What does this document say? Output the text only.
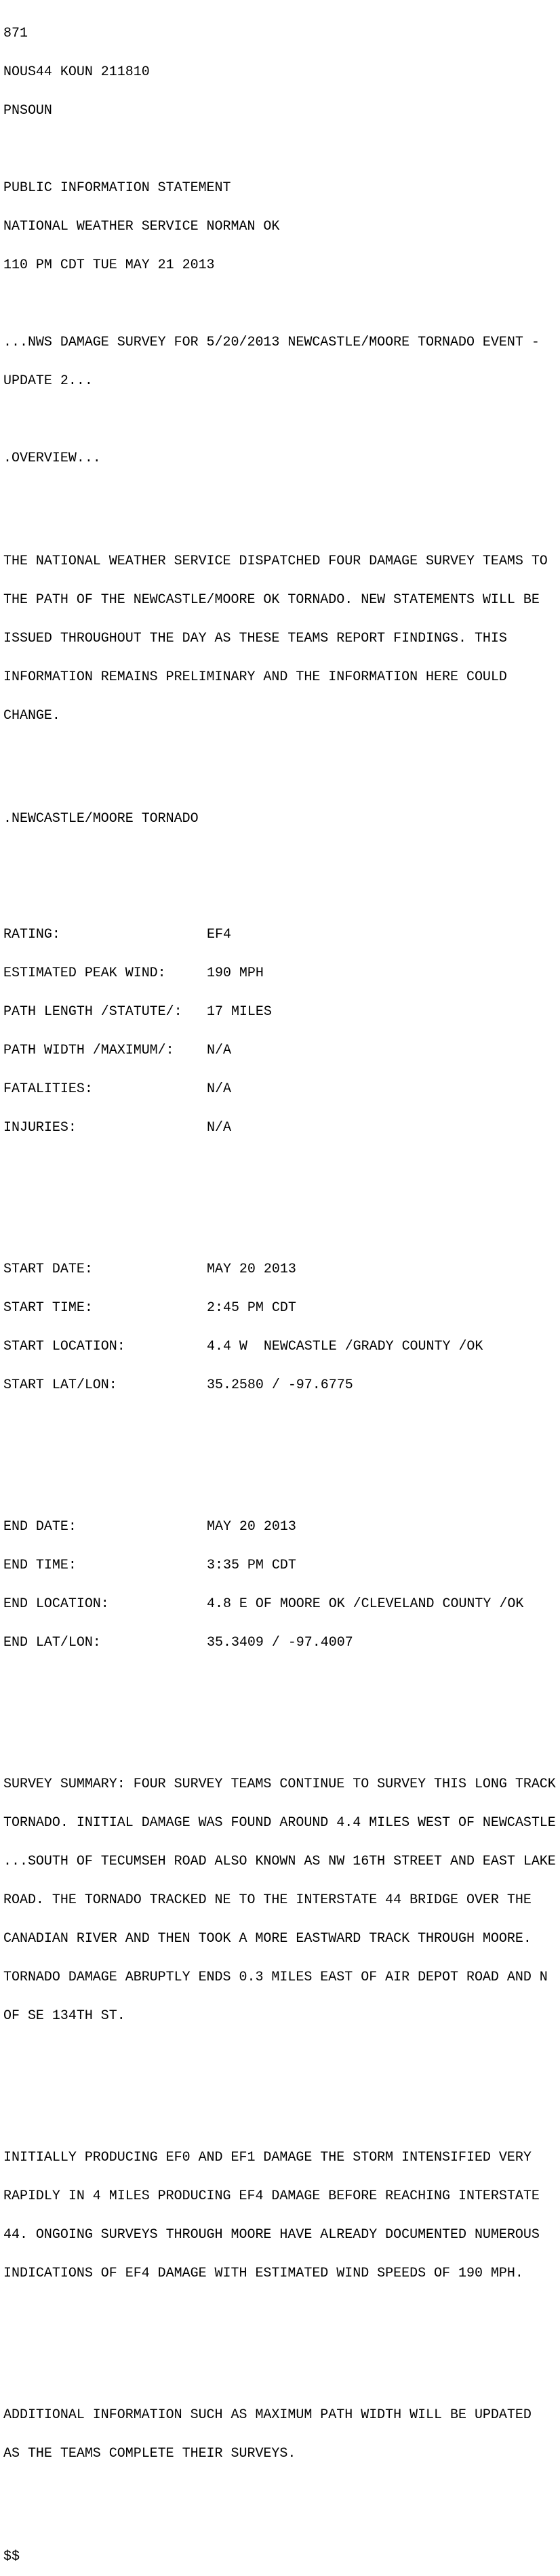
871

NOUS44 KOUN 211810

PNSOUN

PUBLIC INFORMATION STATEMENT

NATIONAL WEATHER SERVICE NORMAN OK

110 PM CDT TUE MAY 21 2013

...NWS DAMAGE SURVEY FOR 5/20/2013 NEWCASTLE/MOORE TORNADO EVENT -

UPDATE 2...

.OVERVIEW...

THE NATIONAL WEATHER SERVICE DISPATCHED FOUR DAMAGE SURVEY TEAMS TO

THE PATH OF THE NEWCASTLE/MOORE OK TORNADO. NEW STATEMENTS WILL BE

ISSUED THROUGHOUT THE DAY AS THESE TEAMS REPORT FINDINGS. THIS

INFORMATION REMAINS PRELIMINARY AND THE INFORMATION HERE COULD

CHANGE.

.NEWCASTLE/MOORE TORNADO

RATING:	EF4

ESTIMATED PEAK WIND:	190 MPH

PATH LENGTH /STATUTE/:	17 MILES

PATH WIDTH /MAXIMUM/:	N/A

FATALITIES:	N/A

INJURIES:	N/A

START DATE:	MAY 20 2013

START TIME:	2:45 PM CDT

START LOCATION:	4.4 W  NEWCASTLE /GRADY COUNTY /OK

START LAT/LON:	35.2580 / -97.6775

END DATE:	MAY 20 2013

END TIME:	3:35 PM CDT

END LOCATION:	4.8 E OF MOORE OK /CLEVELAND COUNTY /OK

END LAT/LON:	35.3409 / -97.4007

SURVEY SUMMARY: FOUR SURVEY TEAMS CONTINUE TO SURVEY THIS LONG TRACK

TORNADO. INITIAL DAMAGE WAS FOUND AROUND 4.4 MILES WEST OF NEWCASTLE

...SOUTH OF TECUMSEH ROAD ALSO KNOWN AS NW 16TH STREET AND EAST LAKE

ROAD. THE TORNADO TRACKED NE TO THE INTERSTATE 44 BRIDGE OVER THE

CANADIAN RIVER AND THEN TOOK A MORE EASTWARD TRACK THROUGH MOORE.

TORNADO DAMAGE ABRUPTLY ENDS 0.3 MILES EAST OF AIR DEPOT ROAD AND N

OF SE 134TH ST.

INITIALLY PRODUCING EF0 AND EF1 DAMAGE THE STORM INTENSIFIED VERY

RAPIDLY IN 4 MILES PRODUCING EF4 DAMAGE BEFORE REACHING INTERSTATE

44. ONGOING SURVEYS THROUGH MOORE HAVE ALREADY DOCUMENTED NUMEROUS

INDICATIONS OF EF4 DAMAGE WITH ESTIMATED WIND SPEEDS OF 190 MPH.

ADDITIONAL INFORMATION SUCH AS MAXIMUM PATH WIDTH WILL BE UPDATED

AS THE TEAMS COMPLETE THEIR SURVEYS.

$$
